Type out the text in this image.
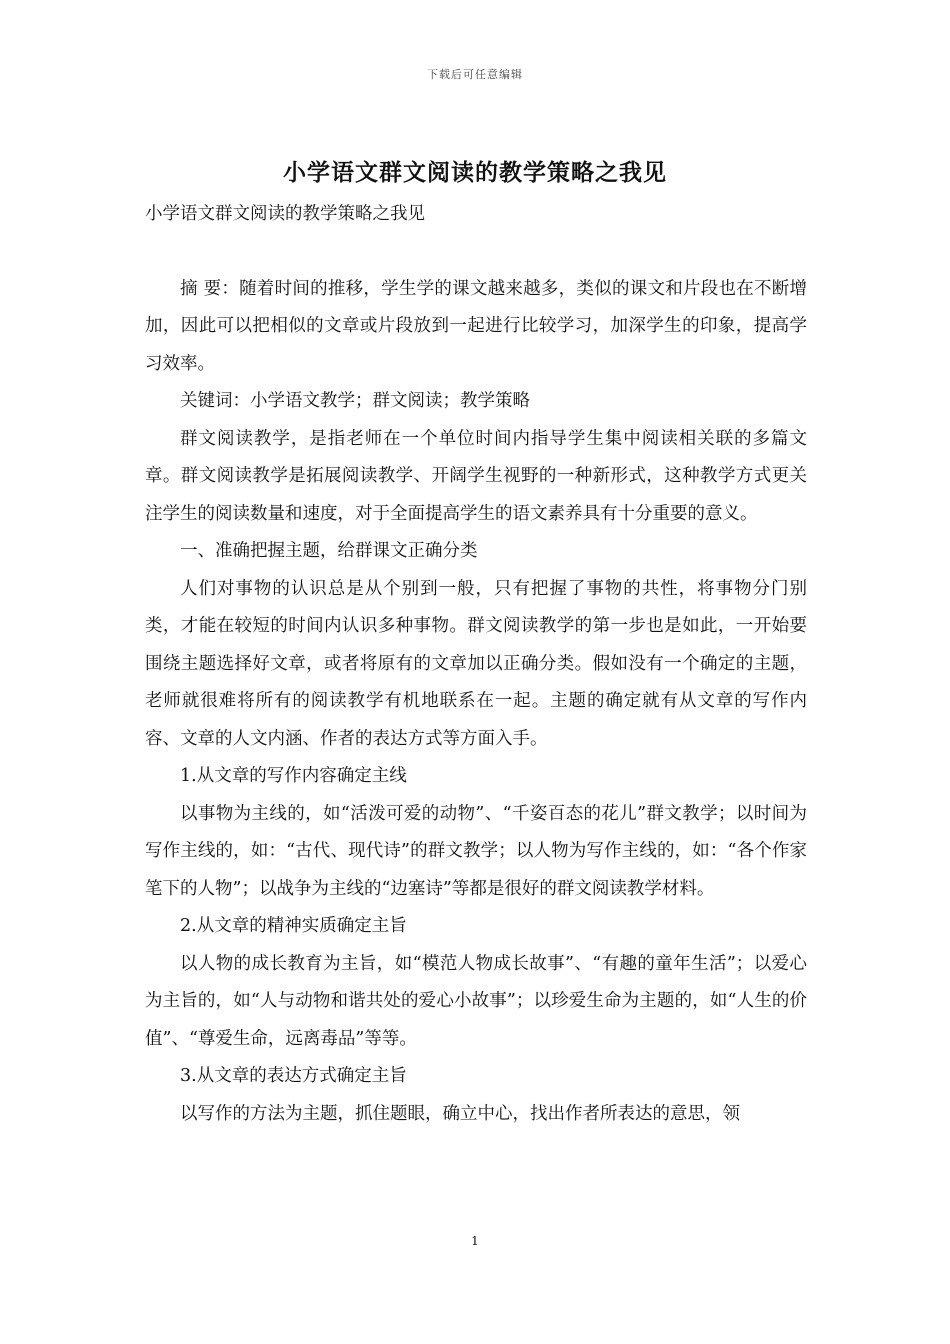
下载后可任意编辑
小学语文群文阅读的教学策略之我见

小学语文群文阅读的教学策略之我见

摘 要：随着时间的推移，学生学的课文越来越多，类似的课文和片段也在不断增加，因此可以把相似的文章或片段放到一起进行比较学习，加深学生的印象，提高学习效率。

关键词：小学语文教学；群文阅读；教学策略

群文阅读教学，是指老师在一个单位时间内指导学生集中阅读相关联的多篇文章。群文阅读教学是拓展阅读教学、开阔学生视野的一种新形式，这种教学方式更关注学生的阅读数量和速度，对于全面提高学生的语文素养具有十分重要的意义。

一、准确把握主题，给群课文正确分类

人们对事物的认识总是从个别到一般，只有把握了事物的共性，将事物分门别类，才能在较短的时间内认识多种事物。群文阅读教学的第一步也是如此，一开始要围绕主题选择好文章，或者将原有的文章加以正确分类。假如没有一个确定的主题，老师就很难将所有的阅读教学有机地联系在一起。主题的确定就有从文章的写作内容、文章的人文内涵、作者的表达方式等方面入手。

1.从文章的写作内容确定主线

以事物为主线的，如“活泼可爱的动物”、“千姿百态的花儿”群文教学；以时间为写作主线的，如：“古代、现代诗”的群文教学；以人物为写作主线的，如：“各个作家笔下的人物”；以战争为主线的“边塞诗”等都是很好的群文阅读教学材料。

2.从文章的精神实质确定主旨

以人物的成长教育为主旨，如“模范人物成长故事”、“有趣的童年生活”；以爱心为主旨的，如“人与动物和谐共处的爱心小故事”；以珍爱生命为主题的，如“人生的价值”、“尊爱生命，远离毒品”等等。

3.从文章的表达方式确定主旨

以写作的方法为主题，抓住题眼，确立中心，找出作者所表达的意思，领

1
